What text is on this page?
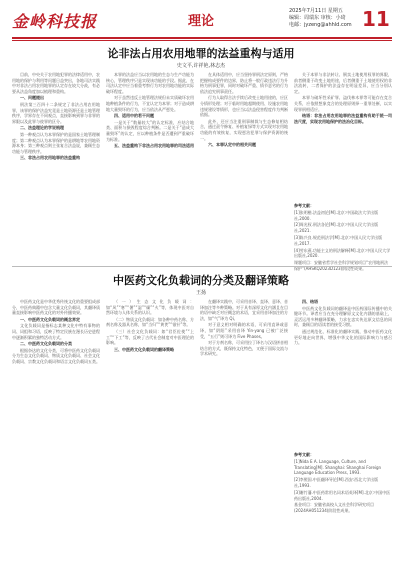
金岭科技报	理论
2025年7月11日 星期五
编辑：周瑞东 审核：小琦
电邮：jyzeng@ahhld.com 11
论非法占用农用地罪的法益重构与适用
史文平,许祥艳,林志杰

目前，中央关于农用地犯罪的法律适用中，农用地的保护与利用等问题日益突出，各地司法实践中对非法占用农用地罪的认定存在较大分歧，有必要从法益角度加以梳理和重构。

一、问题提出

刑法第三百四十二条规定了非法占用农用地罪，该罪的保护法益究竟是土地资源还是土地管理秩序，学界存在不同观点，直接影响到罪与非罪的界限以及此罪与彼罪的区分。

二、法益理论的学说梳理

第一种观点认为本罪保护的是国家土地管理制度；第二种观点认为本罪保护的是耕地等农用地资源本身；第三种观点则主张复合法益说，兼顾生态功能与管理秩序。

三、非法占用农用地罪的法益重构

本罪的法益应当以农用地的生态与生产功能为核心，管理秩序只是实现该功能的手段。据此，在司法认定中应当着重考察行为对农用地功能的实际破坏程度。

对于虽然违反土地管理法规但未实质破坏农用地种植条件的行为，不宜认定为本罪；对于造成耕地大量毁坏的行为，应当依法从严惩处。

四、适用中的若干问题

一是关于“数量较大”的认定标准，应结合地类、面积与损毁程度综合判断。二是关于“造成大量毁坏”的认定，应以种植条件是否遭到严重破坏为标准。

五、法益重构下非法占用农用地罪的司法适用

在具体适用中，应当坚持罪刑法定原则，严格把握构成要件的边界，防止将一般行政违法行为升格为刑事犯罪，同时对破坏严重、情节恶劣的行为依法追究刑事责任。

行为人取得合法手续后改变土地用途的，应区分情形处理；对于临时用地超期使用、设施农用地违规建设等情形，也应当以法益侵害程度作为判断依据。

此外，还应当注重刑事制裁与生态修复相结合，通过责令修复、补植复绿等方式实现对农用地功能的有效恢复，实现惩治犯罪与保护资源的统一。

六、本罪认定中的相关问题

关于本罪与非法转让、倒卖土地使用权罪的界限，前者侧重于改变土地用途，后者侧重于土地使用权的非法流转，二者保护的法益存在明显差异，应当分别认定。

本罪与破坏性采矿罪、盗伐林木罪等可能存在竞合关系，应依照想象竞合的处理原则择一重罪处断，以实现罪刑相适应。

结语：非法占用农用地罪的法益重构有助于统一司法尺度，实现农用地保护的法治化目标。

参考文献：
[1]张明楷.法益初论[M].北京:中国政法大学出版社,2000.
[2]周光权.刑法各论[M].北京:中国人民大学出版社,2021.
[3]陈兴良.规范刑法学[M].北京:中国人民大学出版社,2017.
[4]劳东燕.功能主义的刑法解释[M].北京:中国人民大学出版社,2020.
课题项目：安徽省哲学社会科学规划项目“农用地刑法保护”(AHSKQ2023D123)阶段性成果。
中医药文化负载词的分类及翻译策略
王扬

中医药文化是中华优秀传统文化的重要组成部分，中医药典籍中包含大量文化负载词，其翻译质量直接影响中医药文化的对外传播效果。

一、中医药文化负载词的概念界定

文化负载词是指标志某种文化中特有事物的词、词组和习语，反映了特定民族在漫长历史进程中逐渐积累的独特活动方式。

二、中医药文化负载词的分类

根据奈达的文化分类，可将中医药文化负载词分为生态文化负载词、物质文化负载词、社会文化负载词、宗教文化负载词和语言文化负载词五类。

（一）生态文化负载词：如“风”“寒”“暑”“湿”“燥”“火”等，体现中医对自然环境与人体关系的认识。

（二）物质文化负载词：如各种中药名称、方剂名称及器具名称，如“当归”“黄芪”“银针”等。

（三）社会文化负载词：如“君臣佐使”“上工”“下工”等，反映了古代社会制度对中医理论的影响。

三、中医药文化负载词的翻译策略

在翻译实践中，可采用音译、直译、意译、音译加注等多种策略。对于具有深厚文化内涵且在目的语中缺乏对应概念的术语，宜采用音译加注的方法，如“气”译为 Qi。

对于意义相对明确的术语，可采用直译或意译，如“阴阳”采用音译 Yin-yang 已被广泛接受，“五行”则可译为 Five Phases。

对于方剂名称，可采用拉丁译名与汉语拼音相结合的方式，既保持文化特色，又便于国际交流与学术研究。

四、结语

中医药文化负载词的翻译是中医药国际传播中的关键环节。译者应当在充分理解原文文化内涵的基础上，灵活运用多种翻译策略，力求在忠实传达原文信息的同时，兼顾目的语读者的接受习惯。

通过规范化、标准化的翻译实践，推动中医药文化更好地走向世界，增强中华文化的国际影响力与感召力。

参考文献：
[1]Nida E A. Language, Culture, and Translating[M]. Shanghai: Shanghai Foreign Language Education Press, 1993.
[2]李照国.中医翻译导论[M].西安:西北大学出版社,1993.
[3]谢竹藩.中医药常用名词术语英译[M].北京:中国中医药出版社,2004.
基金项目：安徽省高校人文社会科学研究项目(2024AH051234)阶段性成果。
